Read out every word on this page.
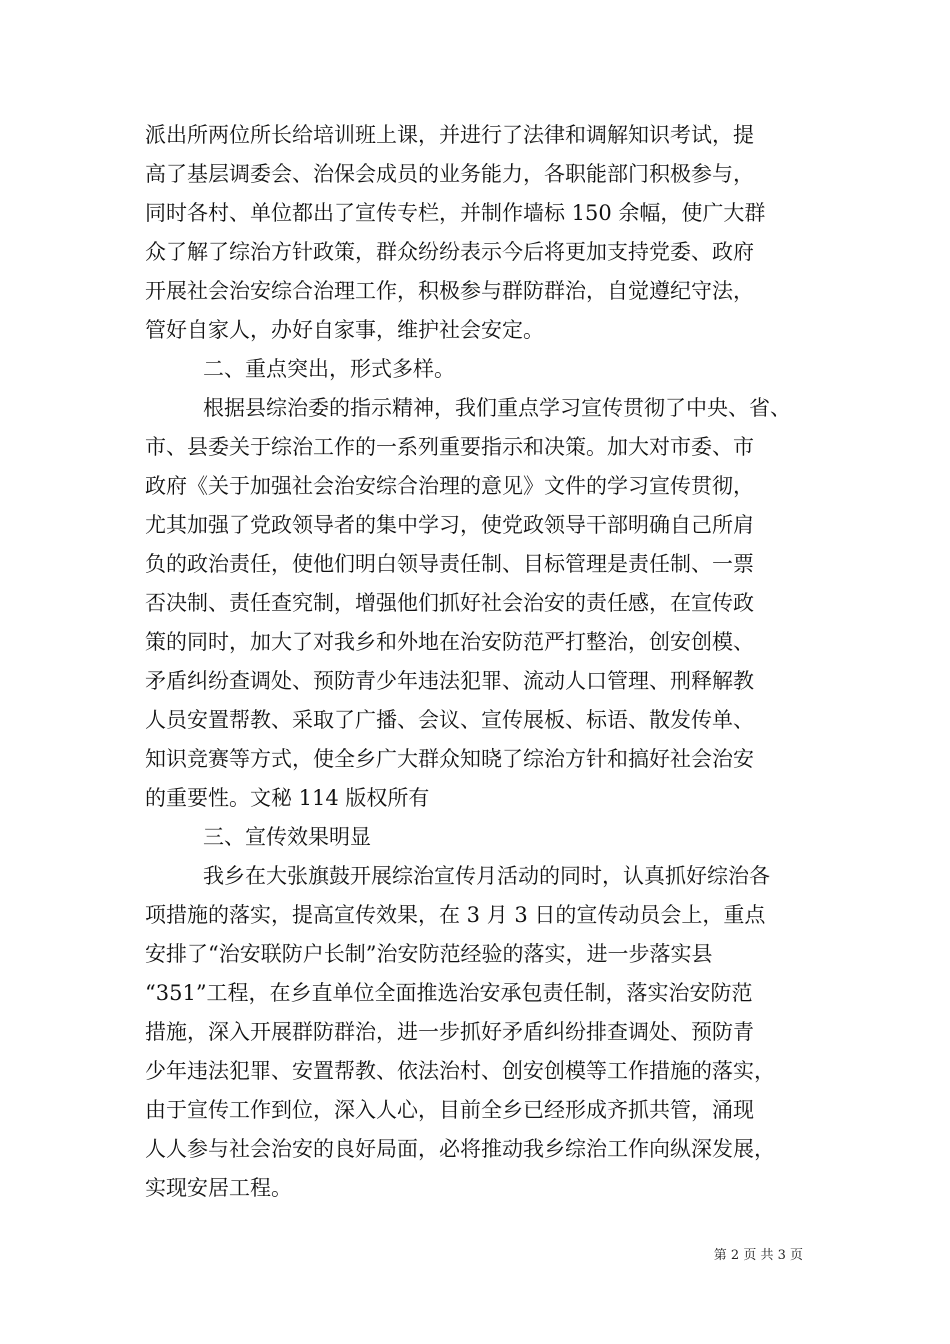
派出所两位所长给培训班上课，并进行了法律和调解知识考试，提
高了基层调委会、治保会成员的业务能力，各职能部门积极参与，
同时各村、单位都出了宣传专栏，并制作墙标 150 余幅，使广大群
众了解了综治方针政策，群众纷纷表示今后将更加支持党委、政府
开展社会治安综合治理工作，积极参与群防群治，自觉遵纪守法，
管好自家人，办好自家事，维护社会安定。
二、重点突出，形式多样。
根据县综治委的指示精神，我们重点学习宣传贯彻了中央、省、
市、县委关于综治工作的一系列重要指示和决策。加大对市委、市
政府《关于加强社会治安综合治理的意见》文件的学习宣传贯彻，
尤其加强了党政领导者的集中学习，使党政领导干部明确自己所肩
负的政治责任，使他们明白领导责任制、目标管理是责任制、一票
否决制、责任查究制，增强他们抓好社会治安的责任感，在宣传政
策的同时，加大了对我乡和外地在治安防范严打整治，创安创模、
矛盾纠纷查调处、预防青少年违法犯罪、流动人口管理、刑释解教
人员安置帮教、采取了广播、会议、宣传展板、标语、散发传单、
知识竞赛等方式，使全乡广大群众知晓了综治方针和搞好社会治安
的重要性。文秘 114 版权所有
三、宣传效果明显
我乡在大张旗鼓开展综治宣传月活动的同时，认真抓好综治各
项措施的落实，提高宣传效果，在 3 月 3 日的宣传动员会上，重点
安排了“治安联防户长制”治安防范经验的落实，进一步落实县
“351”工程，在乡直单位全面推选治安承包责任制，落实治安防范
措施，深入开展群防群治，进一步抓好矛盾纠纷排查调处、预防青
少年违法犯罪、安置帮教、依法治村、创安创模等工作措施的落实，
由于宣传工作到位，深入人心，目前全乡已经形成齐抓共管，涌现
人人参与社会治安的良好局面，必将推动我乡综治工作向纵深发展，
实现安居工程。
第 2 页 共 3 页
